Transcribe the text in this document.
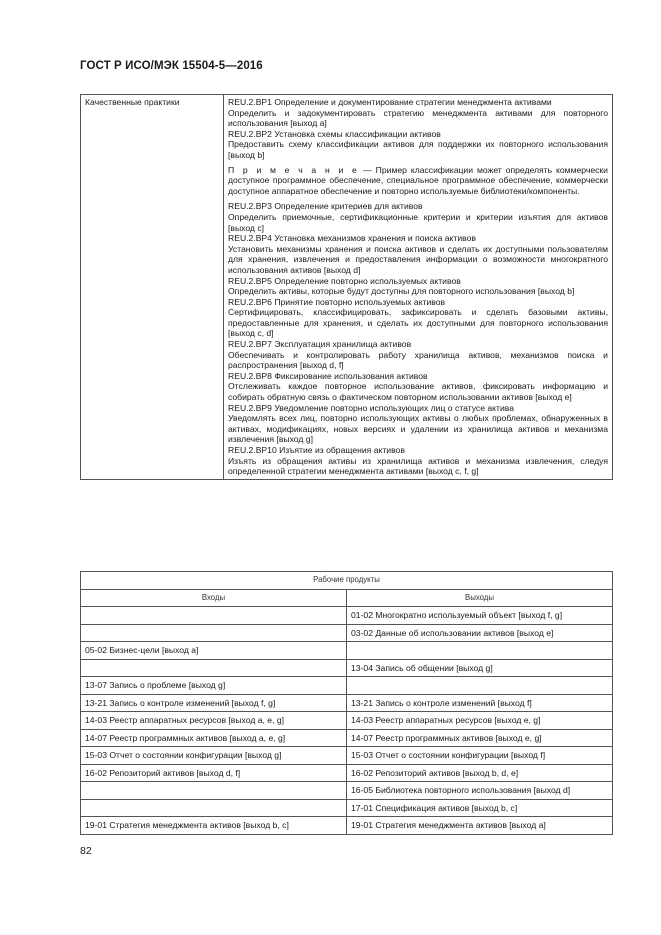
ГОСТ Р ИСО/МЭК 15504-5—2016
Качественные практики	REU.2.BP1 Определение и документирование стратегии менеджмента активами
Определить и задокументировать стратегию менеджмента активами для повторного использования [выход a]
REU.2.BP2 Установка схемы классификации активов
Предоставить схему классификации активов для поддержки их повторного использования [выход b]
П р и м е ч а н и е — Пример классификации может определять коммерчески доступное программное обеспечение, специальное программное обеспечение, коммерчески доступное аппаратное обеспечение и повторно используемые библиотеки/компоненты.
REU.2.BP3 Определение критериев для активов
Определить приемочные, сертификационные критерии и критерии изъятия для активов [выход c]
REU.2.BP4 Установка механизмов хранения и поиска активов
Установить механизмы хранения и поиска активов и сделать их доступными пользователям для хранения, извлечения и предоставления информации о возможности многократного использования активов [выход d]
REU.2.BP5 Определение повторно используемых активов
Определить активы, которые будут доступны для повторного использования [выход b]
REU.2.BP6 Принятие повторно используемых активов
Сертифицировать, классифицировать, зафиксировать и сделать базовыми активы, предоставленные для хранения, и сделать их доступными для повторного использования [выход c, d]
REU.2.BP7 Эксплуатация хранилища активов
Обеспечивать и контролировать работу хранилища активов, механизмов поиска и распространения [выход d, f]
REU.2.BP8 Фиксирование использования активов
Отслеживать каждое повторное использование активов, фиксировать информацию и собирать обратную связь о фактическом повторном использовании активов [выход e]
REU.2.BP9 Уведомление повторно использующих лиц о статусе актива
Уведомлять всех лиц, повторно использующих активы о любых проблемах, обнаруженных в активах, модификациях, новых версиях и удалении из хранилища активов и механизма извлечения [выход g]
REU.2.BP10 Изъятие из обращения активов
Изъять из обращения активы из хранилища активов и механизма извлечения, следуя определенной стратегии менеджмента активами [выход c, f, g]
Рабочие продукты	
Входы	Выходы
	01-02 Многократно используемый объект [выход f, g]
	03-02 Данные об использовании активов [выход e]
05-02 Бизнес-цели [выход a]	
	13-04 Запись об общении [выход g]
13-07 Запись о проблеме [выход g]	
13-21 Запись о контроле изменений [выход f, g]	13-21 Запись о контроле изменений [выход f]
14-03 Реестр аппаратных ресурсов [выход a, e, g]	14-03 Реестр аппаратных ресурсов [выход e, g]
14-07 Реестр программных активов [выход a, e, g]	14-07 Реестр программных активов [выход e, g]
15-03 Отчет о состоянии конфигурации [выход g]	15-03 Отчет о состоянии конфигурации [выход f]
16-02 Репозиторий активов [выход d, f]	16-02 Репозиторий активов [выход b, d, e]
	16-05 Библиотека повторного использования [выход d]
	17-01 Спецификация активов [выход b, c]
19-01 Стратегия менеджмента активов [выход b, c]	19-01 Стратегия менеджмента активов [выход a]
82
